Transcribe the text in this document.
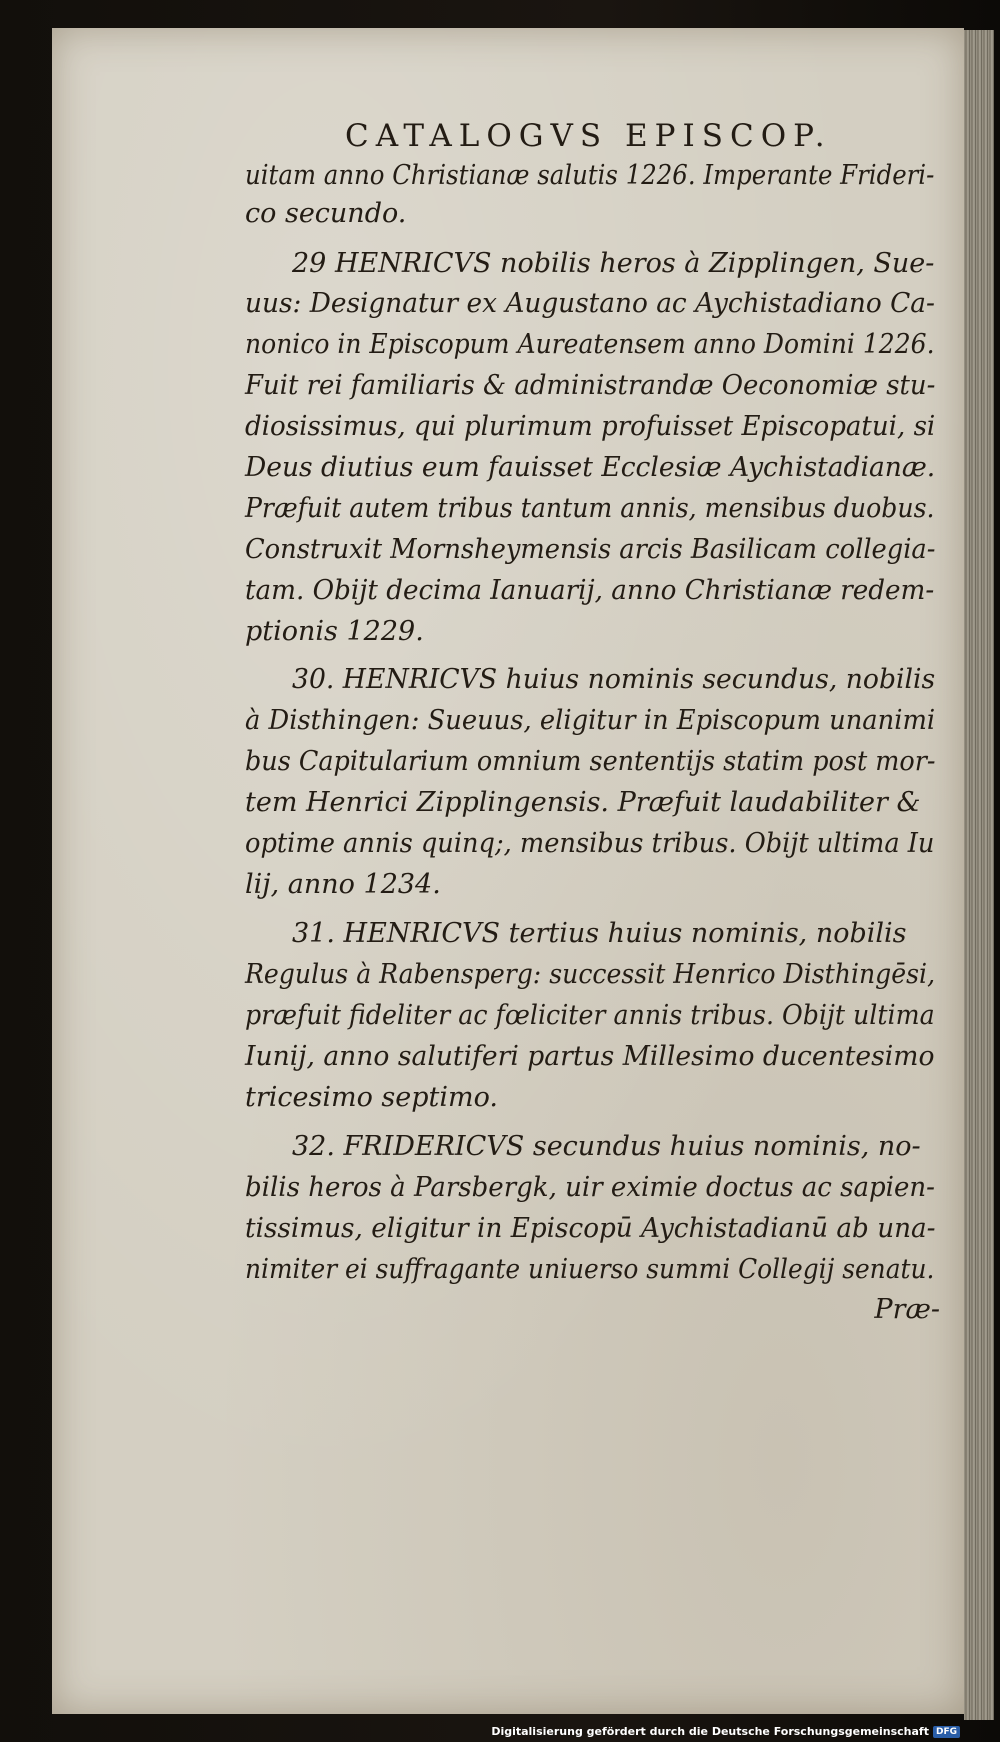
CATALOGVS EPISCOP.
uitam anno Christianæ salutis 1226. Imperante Frideri-
co secundo.
29 HENRICVS nobilis heros à Zipplingen, Sue-
uus: Designatur ex Augustano ac Aychistadiano Ca-
nonico in Episcopum Aureatensem anno Domini 1226.
Fuit rei familiaris & administrandæ Oeconomiæ stu-
diosissimus, qui plurimum profuisset Episcopatui, si
Deus diutius eum fauisset Ecclesiæ Aychistadianæ.
Præfuit autem tribus tantum annis, mensibus duobus.
Construxit Mornsheymensis arcis Basilicam collegia-
tam. Obijt decima Ianuarij, anno Christianæ redem-
ptionis 1229.
30. HENRICVS huius nominis secundus, nobilis
à Disthingen: Sueuus, eligitur in Episcopum unanimi
bus Capitularium omnium sententijs statim post mor-
tem Henrici Zipplingensis. Præfuit laudabiliter &
optime annis quinq;, mensibus tribus. Obijt ultima Iu
lij, anno 1234.
31. HENRICVS tertius huius nominis, nobilis
Regulus à Rabensperg: successit Henrico Disthingēsi,
præfuit fideliter ac fœliciter annis tribus. Obijt ultima
Iunij, anno salutiferi partus Millesimo ducentesimo
tricesimo septimo.
32. FRIDERICVS secundus huius nominis, no-
bilis heros à Parsbergk, uir eximie doctus ac sapien-
tissimus, eligitur in Episcopū Aychistadianū ab una-
nimiter ei suffragante uniuerso summi Collegij senatu.
Præ-
Digitalisierung gefördert durch die Deutsche Forschungsgemeinschaft DFG
